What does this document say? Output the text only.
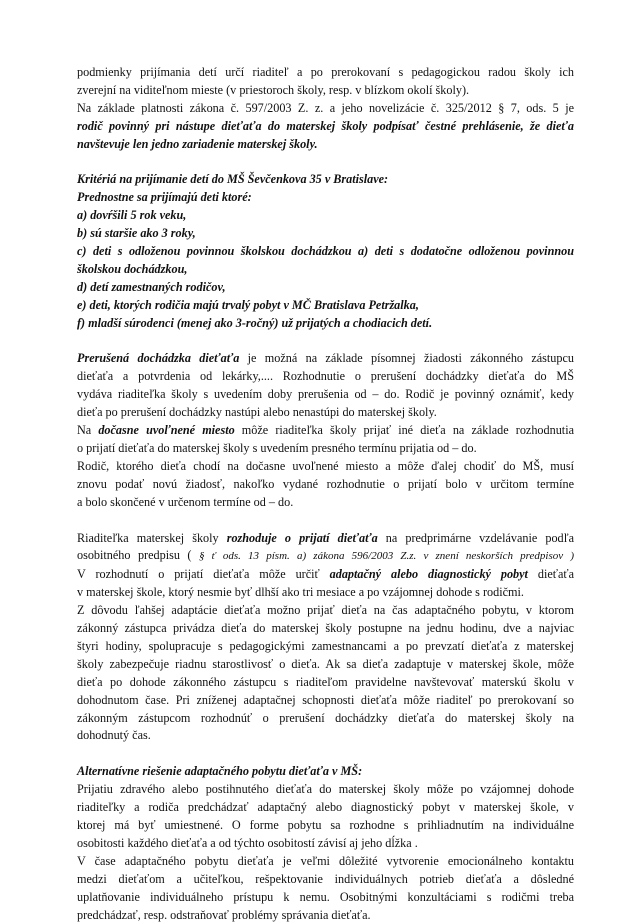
podmienky prijímania detí určí riaditeľ a po prerokovaní s pedagogickou radou školy ich
zverejní na viditeľnom mieste (v priestoroch školy, resp. v blízkom okolí školy).
Na základe platnosti zákona č. 597/2003 Z. z. a jeho novelizácie č. 325/2012 § 7, ods. 5 je
rodič povinný pri nástupe dieťaťa do materskej školy podpísať čestné prehlásenie, že dieťa
navštevuje len jedno zariadenie materskej školy.
Kritériá na prijímanie detí do MŠ Ševčenkova 35 v Bratislave:
Prednostne sa prijímajú deti ktoré:
a) dovŕšili 5 rok veku,
b) sú staršie ako 3 roky,
c) deti s odloženou povinnou školskou dochádzkou a) deti s dodatočne odloženou povinnou
školskou dochádzkou,
d) detí zamestnaných rodičov,
e) deti, ktorých rodičia majú trvalý pobyt v MČ Bratislava Petržalka,
f) mladší súrodenci (menej ako 3-ročný) už prijatých a chodiacich detí.
Prerušená dochádzka dieťaťa je možná na základe písomnej žiadosti zákonného zástupcu
dieťaťa a potvrdenia od lekárky,.... Rozhodnutie o prerušení dochádzky dieťaťa do MŠ
vydáva riaditeľka školy s uvedením doby prerušenia od – do. Rodič je povinný oznámiť, kedy
dieťa po prerušení dochádzky nastúpi alebo nenastúpi do materskej školy.
Na dočasne uvoľnené miesto môže riaditeľka školy prijať iné dieťa na základe rozhodnutia
o prijatí dieťaťa do materskej školy s uvedením presného termínu prijatia od – do.
Rodič, ktorého dieťa chodí na dočasne uvoľnené miesto a môže ďalej chodiť do MŠ, musí
znovu podať novú žiadosť, nakoľko vydané rozhodnutie o prijatí bolo v určitom termíne
a bolo skončené v určenom termíne od – do.
Riaditeľka materskej školy rozhoduje o prijatí dieťaťa na predprimárne vzdelávanie podľa
osobitného predpisu ( § ť ods. 13 písm. a) zákona 596/2003 Z.z. v znení neskorších predpisov )
V rozhodnutí o prijatí dieťaťa môže určiť adaptačný alebo diagnostický pobyt dieťaťa
v materskej škole, ktorý nesmie byť dlhší ako tri mesiace a po vzájomnej dohode s rodičmi.
Z dôvodu ľahšej adaptácie dieťaťa možno prijať dieťa na čas adaptačného pobytu, v ktorom
zákonný zástupca privádza dieťa do materskej školy postupne na jednu hodinu, dve a najviac
štyri hodiny, spolupracuje s pedagogickými zamestnancami a po prevzatí dieťaťa z materskej
školy zabezpečuje riadnu starostlivosť o dieťa. Ak sa dieťa zadaptuje v materskej škole, môže
dieťa po dohode zákonného zástupcu s riaditeľom pravidelne navštevovať materskú školu v
dohodnutom čase. Pri zníženej adaptačnej schopnosti dieťaťa môže riaditeľ po prerokovaní so
zákonným zástupcom rozhodnúť o prerušení dochádzky dieťaťa do materskej školy na
dohodnutý čas.
Alternatívne riešenie adaptačného pobytu dieťaťa v MŠ:
Prijatiu zdravého alebo postihnutého dieťaťa do materskej školy môže po vzájomnej dohode
riaditeľky a rodiča predchádzať adaptačný alebo diagnostický pobyt v materskej škole, v
ktorej má byť umiestnené. O forme pobytu sa rozhodne s prihliadnutím na individuálne
osobitosti každého dieťaťa a od týchto osobitostí závisí aj jeho dĺžka .
V čase adaptačného pobytu dieťaťa je veľmi dôležité vytvorenie emocionálneho kontaktu
medzi dieťaťom a učiteľkou, rešpektovanie individuálnych potrieb dieťaťa a dôsledné
uplatňovanie individuálneho prístupu k nemu. Osobitnými konzultáciami s rodičmi treba
predchádzať, resp. odstraňovať problémy správania dieťaťa.
